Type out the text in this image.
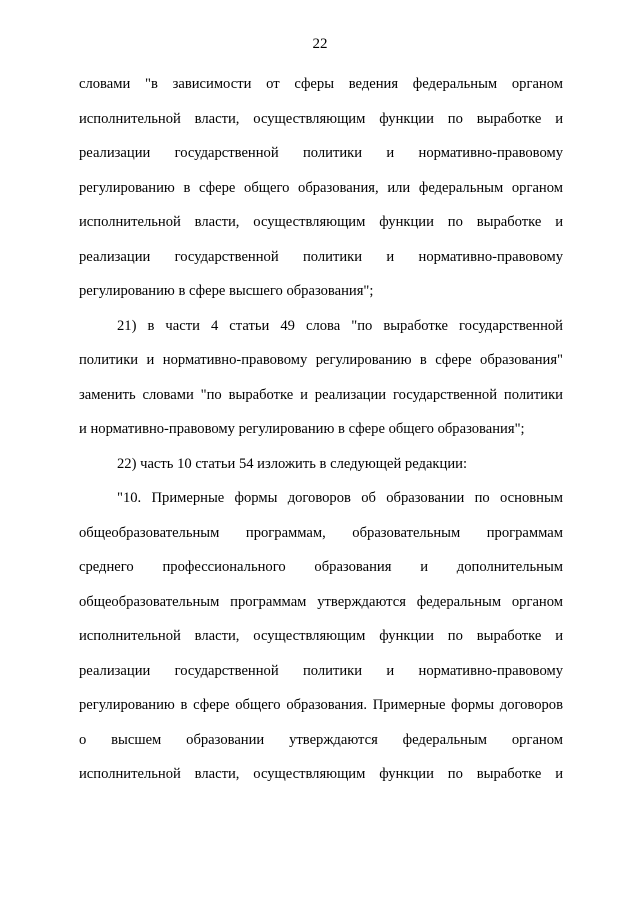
22
словами "в зависимости от сферы ведения федеральным органом
исполнительной власти, осуществляющим функции по выработке и
реализации государственной политики и нормативно-правовому
регулированию в сфере общего образования, или федеральным органом
исполнительной власти, осуществляющим функции по выработке и
реализации государственной политики и нормативно-правовому
регулированию в сфере высшего образования";
21) в части 4 статьи 49 слова "по выработке государственной
политики и нормативно-правовому регулированию в сфере образования"
заменить словами "по выработке и реализации государственной политики
и нормативно-правовому регулированию в сфере общего образования";
22) часть 10 статьи 54 изложить в следующей редакции:
"10. Примерные формы договоров об образовании по основным
общеобразовательным программам, образовательным программам
среднего профессионального образования и дополнительным
общеобразовательным программам утверждаются федеральным органом
исполнительной власти, осуществляющим функции по выработке и
реализации государственной политики и нормативно-правовому
регулированию в сфере общего образования. Примерные формы договоров
о высшем образовании утверждаются федеральным органом
исполнительной власти, осуществляющим функции по выработке и
